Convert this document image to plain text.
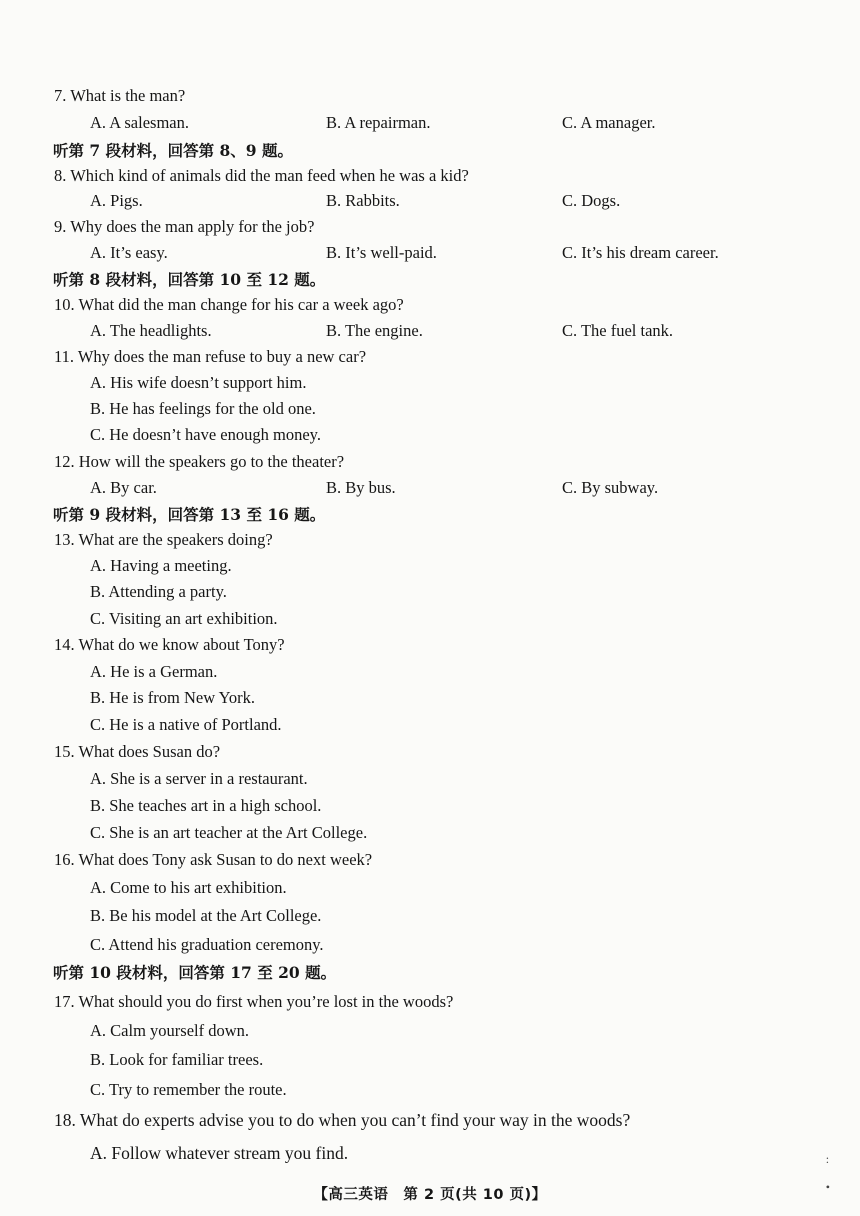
7. What is the man?
A. A salesman.	B. A repairman.	C. A manager.
听第 7 段材料，回答第 8、9 题。
8. Which kind of animals did the man feed when he was a kid?
A. Pigs.	B. Rabbits.	C. Dogs.
9. Why does the man apply for the job?
A. It’s easy.	B. It’s well-paid.	C. It’s his dream career.
听第 8 段材料，回答第 10 至 12 题。
10. What did the man change for his car a week ago?
A. The headlights.	B. The engine.	C. The fuel tank.
11. Why does the man refuse to buy a new car?
A. His wife doesn’t support him.
B. He has feelings for the old one.
C. He doesn’t have enough money.
12. How will the speakers go to the theater?
A. By car.	B. By bus.	C. By subway.
听第 9 段材料，回答第 13 至 16 题。
13. What are the speakers doing?
A. Having a meeting.
B. Attending a party.
C. Visiting an art exhibition.
14. What do we know about Tony?
A. He is a German.
B. He is from New York.
C. He is a native of Portland.
15. What does Susan do?
A. She is a server in a restaurant.
B. She teaches art in a high school.
C. She is an art teacher at the Art College.
16. What does Tony ask Susan to do next week?
A. Come to his art exhibition.
B. Be his model at the Art College.
C. Attend his graduation ceremony.
听第 10 段材料，回答第 17 至 20 题。
17. What should you do first when you’re lost in the woods?
A. Calm yourself down.
B. Look for familiar trees.
C. Try to remember the route.
18. What do experts advise you to do when you can’t find your way in the woods?
A. Follow whatever stream you find.	:

•
【高三英语　第 2 页(共 10 页)】
